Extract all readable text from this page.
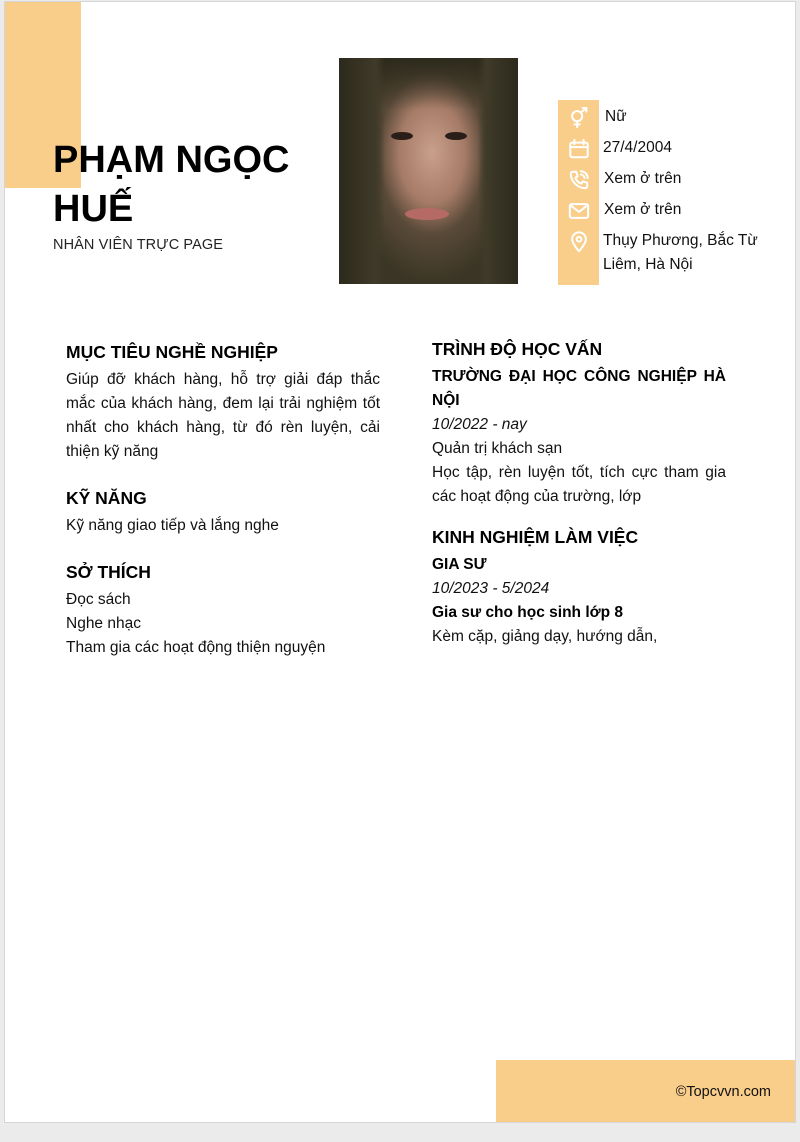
PHẠM NGỌC HUẾ
NHÂN VIÊN TRỰC PAGE
Nữ
27/4/2004
Xem ở trên
Xem ở trên
Thụy Phương, Bắc Từ Liêm, Hà Nội
MỤC TIÊU NGHỀ NGHIỆP
Giúp đỡ khách hàng, hỗ trợ giải đáp thắc mắc của khách hàng, đem lại trải nghiệm tốt nhất cho khách hàng, từ đó rèn luyện, cải thiện kỹ năng
KỸ NĂNG
Kỹ năng giao tiếp và lắng nghe
SỞ THÍCH
Đọc sách
Nghe nhạc
Tham gia các hoạt động thiện nguyện
TRÌNH ĐỘ HỌC VẤN
TRƯỜNG ĐẠI HỌC CÔNG NGHIỆP HÀ NỘI
10/2022 - nay
Quản trị khách sạn
Học tập, rèn luyện tốt, tích cực tham gia các hoạt động của trường, lớp
KINH NGHIỆM LÀM VIỆC
GIA SƯ
10/2023 - 5/2024
Gia sư cho học sinh lớp 8
Kèm cặp, giảng dạy, hướng dẫn,
©Topcvvn.com
